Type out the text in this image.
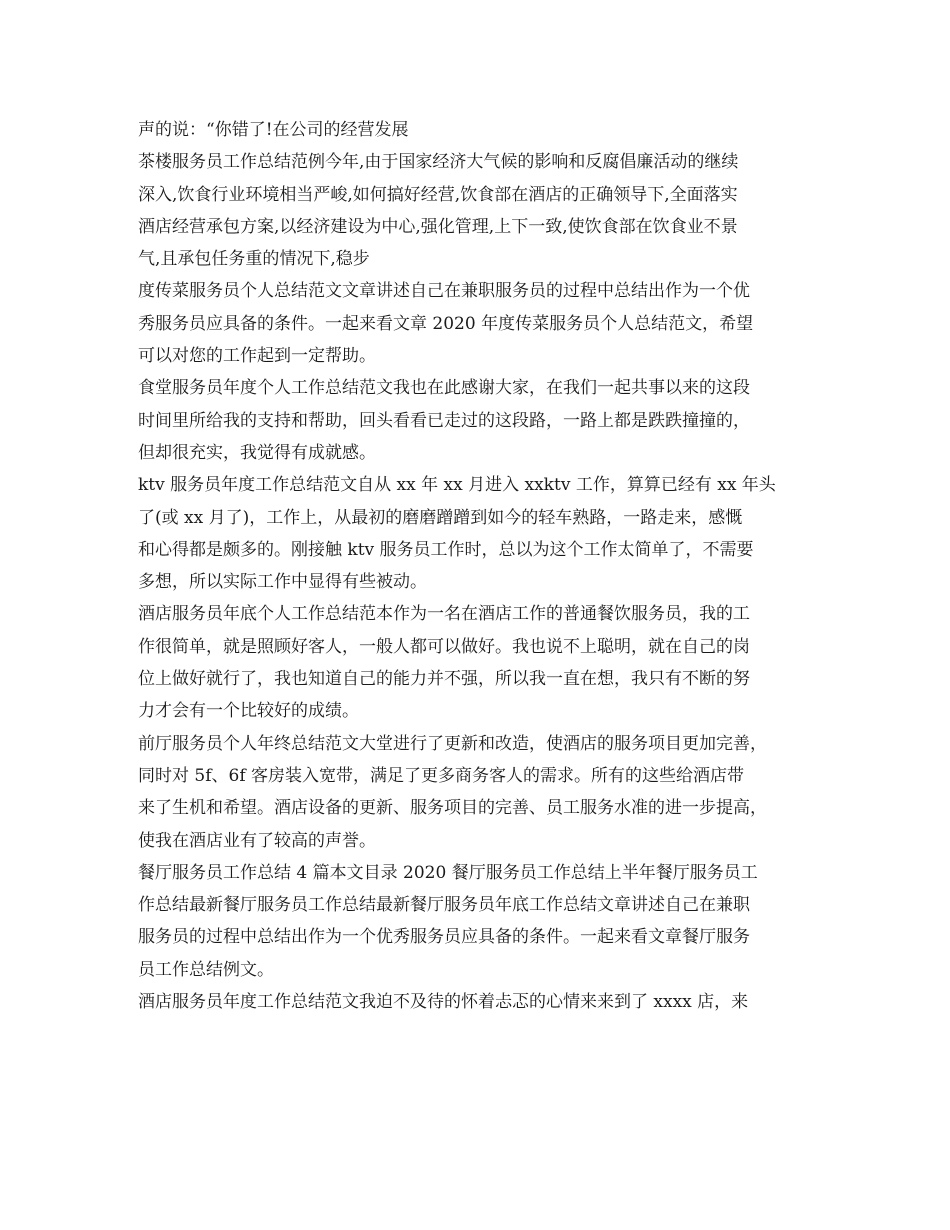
声的说：“你错了!在公司的经营发展
茶楼服务员工作总结范例今年,由于国家经济大气候的影响和反腐倡廉活动的继续
深入,饮食行业环境相当严峻,如何搞好经营,饮食部在酒店的正确领导下,全面落实
酒店经营承包方案,以经济建设为中心,强化管理,上下一致,使饮食部在饮食业不景
气,且承包任务重的情况下,稳步
度传菜服务员个人总结范文文章讲述自己在兼职服务员的过程中总结出作为一个优
秀服务员应具备的条件。一起来看文章 2020 年度传菜服务员个人总结范文，希望
可以对您的工作起到一定帮助。
食堂服务员年度个人工作总结范文我也在此感谢大家，在我们一起共事以来的这段
时间里所给我的支持和帮助，回头看看已走过的这段路，一路上都是跌跌撞撞的，
但却很充实，我觉得有成就感。
ktv 服务员年度工作总结范文自从 xx 年 xx 月进入 xxktv 工作，算算已经有 xx 年头
了(或 xx 月了)，工作上，从最初的磨磨蹭蹭到如今的轻车熟路，一路走来，感慨
和心得都是颇多的。刚接触 ktv 服务员工作时，总以为这个工作太简单了，不需要
多想，所以实际工作中显得有些被动。
酒店服务员年底个人工作总结范本作为一名在酒店工作的普通餐饮服务员，我的工
作很简单，就是照顾好客人，一般人都可以做好。我也说不上聪明，就在自己的岗
位上做好就行了，我也知道自己的能力并不强，所以我一直在想，我只有不断的努
力才会有一个比较好的成绩。
前厅服务员个人年终总结范文大堂进行了更新和改造，使酒店的服务项目更加完善，
同时对 5f、6f 客房装入宽带，满足了更多商务客人的需求。所有的这些给酒店带
来了生机和希望。酒店设备的更新、服务项目的完善、员工服务水准的进一步提高，
使我在酒店业有了较高的声誉。
餐厅服务员工作总结 4 篇本文目录 2020 餐厅服务员工作总结上半年餐厅服务员工
作总结最新餐厅服务员工作总结最新餐厅服务员年底工作总结文章讲述自己在兼职
服务员的过程中总结出作为一个优秀服务员应具备的条件。一起来看文章餐厅服务
员工作总结例文。
酒店服务员年度工作总结范文我迫不及待的怀着忐忑的心情来来到了 xxxx 店，来
